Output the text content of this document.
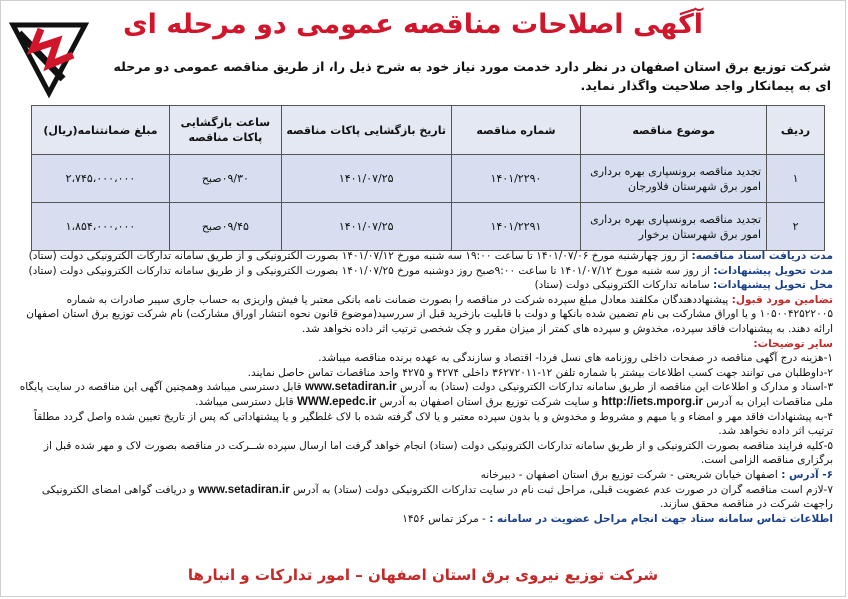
آگهی اصلاحات مناقصه عمومی دو مرحله ای
شرکت توزیع برق استان اصفهان در نظر دارد خدمت مورد نیاز خود به شرح ذیل را، از طریق مناقصه عمومی دو مرحله ای به پیمانکار واجد صلاحیت واگذار نماید.
ردیف	موضوع مناقصه	شماره مناقصه	تاریخ بازگشایی پاکات مناقصه	ساعت بازگشایی پاکات مناقصه	مبلغ ضمانتنامه(ریال)
۱	تجدید مناقصه برونسپاری بهره برداری امور برق شهرستان فلاورجان	۱۴۰۱/۲۲۹۰	۱۴۰۱/۰۷/۲۵	۰۹/۳۰صبح	۲،۷۴۵،۰۰۰،۰۰۰
۲	تجدید مناقصه برونسپاری بهره برداری امور برق شهرستان برخوار	۱۴۰۱/۲۲۹۱	۱۴۰۱/۰۷/۲۵	۰۹/۴۵صبح	۱،۸۵۴،۰۰۰،۰۰۰

مدت دریافت اسناد مناقصه: از روز چهارشنبه مورخ ۱۴۰۱/۰۷/۰۶ تا ساعت ۱۹:۰۰ سه شنبه مورخ ۱۴۰۱/۰۷/۱۲ بصورت الکترونیکی و از طریق سامانه تدارکات الکترونیکی دولت (ستاد)

مدت تحویل پیشنهادات: از روز سه شنبه مورخ ۱۴۰۱/۰۷/۱۲ تا ساعت ۹:۰۰صبح روز دوشنبه مورخ ۱۴۰۱/۰۷/۲۵ بصورت الکترونیکی و از طریق سامانه تدارکات الکترونیکی دولت (ستاد)

محل تحویل پیشنهادات: سامانه تدارکات الکترونیکی دولت (ستاد)

تضامین مورد قبول: پیشنهاددهندگان مکلفند معادل مبلغ سپرده شرکت در مناقصه را بصورت ضمانت نامه بانکی معتبر یا فیش واریزی به حساب جاری سیبر صادرات به شماره ۱۰۵۰۰۴۲۵۲۲۰۰۵ و یا اوراق مشارکت بی نام تضمین شده بانکها و دولت با قابلیت بازخرید قبل از سررسید(موضوع قانون نحوه انتشار اوراق مشارکت) نام شرکت توزیع برق استان اصفهان ارائه دهند. به پیشنهادات فاقد سپرده، مخدوش و سپرده های کمتر از میزان مقرر و چک شخصی ترتیب اثر داده نخواهد شد.

سایر توضیحات:

۱-هزینه درج آگهی مناقصه در صفحات داخلی روزنامه های نسل فردا- اقتصاد و سازندگی به عهده برنده مناقصه میباشد.

۲-داوطلبان می توانند جهت کسب اطلاعات بیشتر با شماره تلفن ۱۲-۳۶۲۷۲۰۱۱ داخلی ۴۲۷۴ و ۴۲۷۵ واحد مناقصات تماس حاصل نمایند.

۳-اسناد و مدارک و اطلاعات این مناقصه از طریق سامانه تدارکات الکترونیکی دولت (ستاد) به آدرس www.setadiran.ir قابل دسترسی میباشد وهمچنین آگهی این مناقصه در سایت پایگاه ملی مناقصات ایران به آدرس http://iets.mporg.ir و سایت شرکت توزیع برق استان اصفهان به آدرس WWW.epedc.ir قابل دسترسی میباشد.

۴-به پیشنهادات فاقد مهر و امضاء و یا مبهم و مشروط و مخدوش و یا بدون سپرده معتبر و یا لاک گرفته شده با لاک غلطگیر و یا پیشنهاداتی که پس از تاریخ تعیین شده واصل گردد مطلقاً ترتیب اثر داده نخواهد شد.

۵-کلیه فرایند مناقصه بصورت الکترونیکی و از طریق سامانه تدارکات الکترونیکی دولت (ستاد) انجام خواهد گرفت اما ارسال سپرده شــرکت در مناقصه بصورت لاک و مهر شده قبل از برگزاری مناقصه الزامی است.

۶- آدرس : اصفهان خیابان شریعتی - شرکت توزیع برق استان اصفهان - دبیرخانه

۷-لازم است مناقصه گران در صورت عدم عضویت قبلی، مراحل ثبت نام در سایت تدارکات الکترونیکی دولت (ستاد) به آدرس www.setadiran.ir و دریافت گواهی امضای الکترونیکی راجهت شرکت در مناقصه محقق سازند.

اطلاعات تماس سامانه ستاد جهت انجام مراحل عضویت در سامانه : - مرکز تماس ۱۴۵۶

شرکت توزیع نیروی برق استان اصفهان – امور تدارکات و انبارها
